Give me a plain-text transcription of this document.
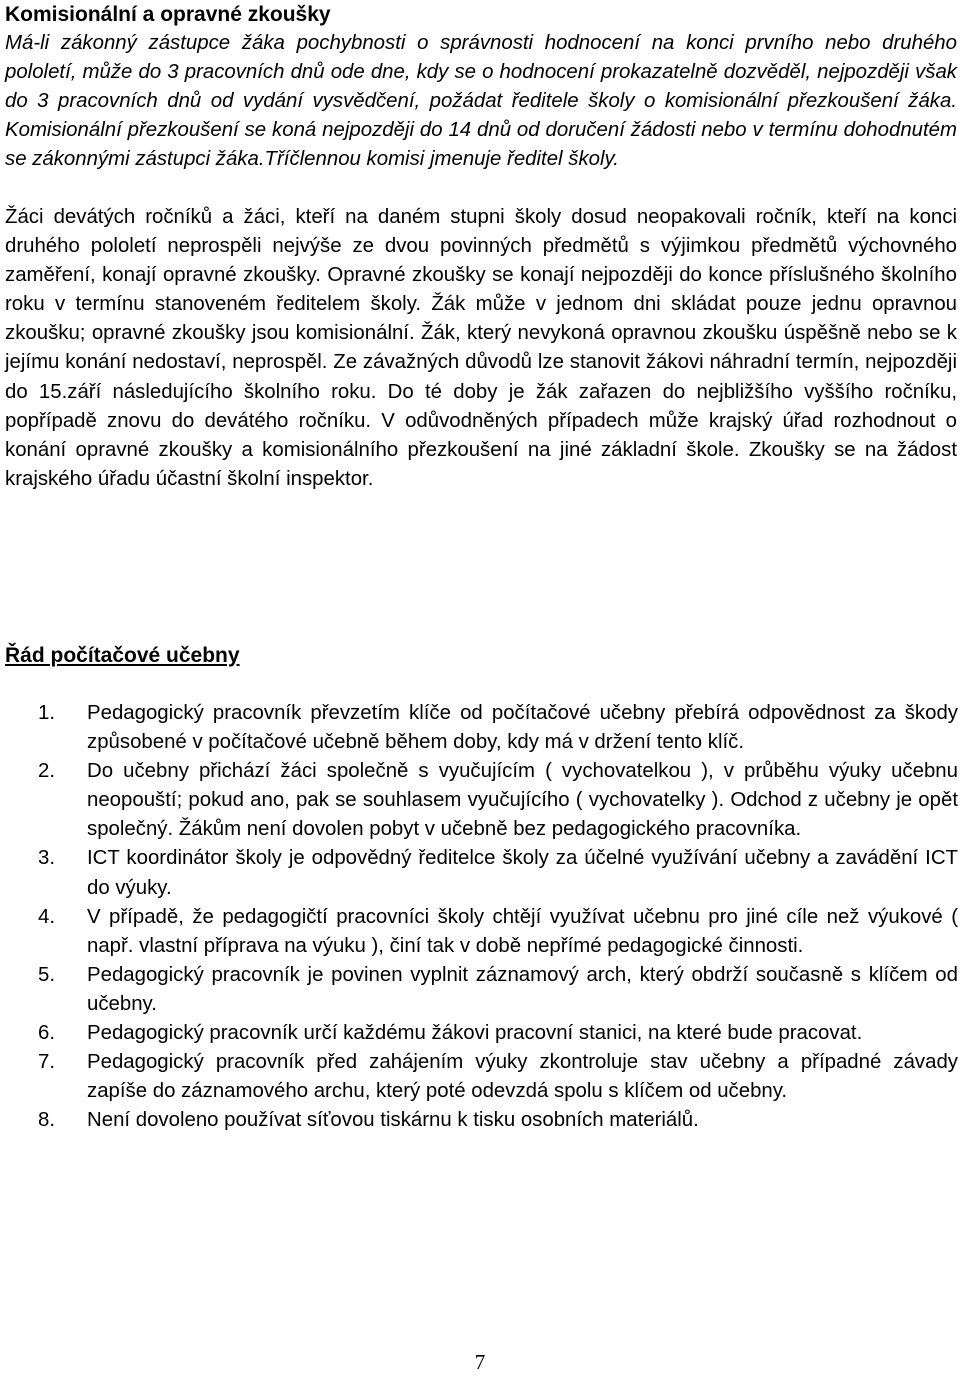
Komisionální a opravné zkoušky

Má-li zákonný zástupce žáka pochybnosti o správnosti hodnocení na konci prvního nebo druhého pololetí, může do 3 pracovních dnů ode dne, kdy se o hodnocení prokazatelně dozvěděl, nejpozději však do 3 pracovních dnů od vydání vysvědčení, požádat ředitele školy o komisionální přezkoušení žáka. Komisionální přezkoušení se koná nejpozději do 14 dnů od doručení žádosti nebo v termínu dohodnutém se zákonnými zástupci žáka.Tříčlennou komisi jmenuje ředitel školy.

Žáci devátých ročníků a žáci, kteří na daném stupni školy dosud neopakovali ročník, kteří na konci druhého pololetí neprospěli nejvýše ze dvou povinných předmětů s výjimkou předmětů výchovného zaměření, konají opravné zkoušky. Opravné zkoušky se konají nejpozději do konce příslušného školního roku v termínu stanoveném ředitelem školy. Žák může v jednom dni skládat pouze jednu opravnou zkoušku; opravné zkoušky jsou komisionální. Žák, který nevykoná opravnou zkoušku úspěšně nebo se k jejímu konání nedostaví, neprospěl. Ze závažných důvodů lze stanovit žákovi náhradní termín, nejpozději do 15.září následujícího školního roku. Do té doby je žák zařazen do nejbližšího vyššího ročníku, popřípadě znovu do devátého ročníku. V odůvodněných případech může krajský úřad rozhodnout o konání opravné zkoušky a komisionálního přezkoušení na jiné základní škole. Zkoušky se na žádost krajského úřadu účastní školní inspektor.

Řád počítačové učebny
1. Pedagogický pracovník převzetím klíče od počítačové učebny přebírá odpovědnost za škody způsobené v počítačové učebně během doby, kdy má v držení tento klíč.
2. Do učebny přichází žáci společně s vyučujícím ( vychovatelkou ), v průběhu výuky učebnu neopouští; pokud ano, pak se souhlasem vyučujícího ( vychovatelky ). Odchod z učebny je opět společný. Žákům není dovolen pobyt v učebně bez pedagogického pracovníka.
3. ICT koordinátor školy je odpovědný ředitelce školy za účelné využívání učebny a zavádění ICT do výuky.
4. V případě, že pedagogičtí pracovníci školy chtějí využívat učebnu pro jiné cíle než výukové ( např. vlastní příprava na výuku ), činí tak v době nepřímé pedagogické činnosti.
5. Pedagogický pracovník je povinen vyplnit záznamový arch, který obdrží současně s klíčem od učebny.
6. Pedagogický pracovník určí každému žákovi pracovní stanici, na které bude pracovat.
7. Pedagogický pracovník před zahájením výuky zkontroluje stav učebny a případné závady zapíše do záznamového archu, který poté odevzdá spolu s klíčem od učebny.
8. Není dovoleno používat síťovou tiskárnu k tisku osobních materiálů.
7
